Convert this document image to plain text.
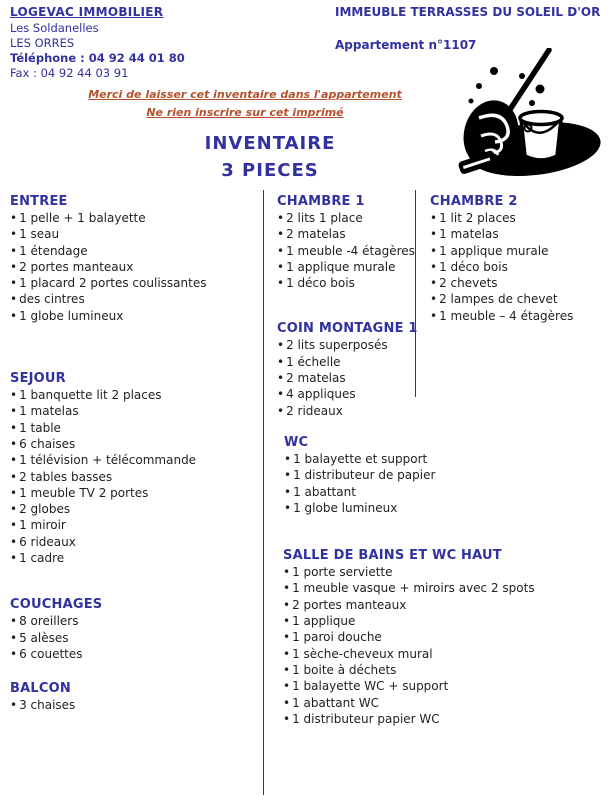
LOGEVAC IMMOBILIER
Les Soldanelles
LES ORRES
Téléphone : 04 92 44 01 80
Fax : 04 92 44 03 91
IMMEUBLE TERRASSES DU SOLEIL D'OR
Appartement n°1107
Merci de laisser cet inventaire dans l'appartement
Ne rien inscrire sur cet imprimé
INVENTAIRE
3 PIECES
ENTREE
• 1 pelle + 1 balayette
• 1 seau
• 1 étendage
• 2 portes manteaux
• 1 placard 2 portes coulissantes
• des cintres
• 1 globe lumineux
SEJOUR
• 1 banquette lit 2 places
• 1 matelas
• 1 table
• 6 chaises
• 1 télévision + télécommande
• 2 tables basses
• 1 meuble TV 2 portes
• 2 globes
• 1 miroir
• 6 rideaux
• 1 cadre
COUCHAGES
• 8 oreillers
• 5 alèses
• 6 couettes
BALCON
• 3 chaises
CHAMBRE 1
• 2 lits 1 place
• 2 matelas
• 1 meuble -4 étagères
• 1 applique murale
• 1 déco bois
COIN MONTAGNE 1
• 2 lits superposés
• 1 échelle
• 2 matelas
• 4 appliques
• 2 rideaux
WC
• 1 balayette et support
• 1 distributeur de papier
• 1 abattant
• 1 globe lumineux
SALLE DE BAINS ET WC HAUT
• 1 porte serviette
• 1 meuble vasque + miroirs avec 2 spots
• 2 portes manteaux
• 1 applique
• 1 paroi douche
• 1 sèche-cheveux mural
• 1 boite à déchets
• 1 balayette WC + support
• 1 abattant WC
• 1 distributeur papier WC
CHAMBRE 2
• 1 lit 2 places
• 1 matelas
• 1 applique murale
• 1 déco bois
• 2 chevets
• 2 lampes de chevet
• 1 meuble – 4 étagères
